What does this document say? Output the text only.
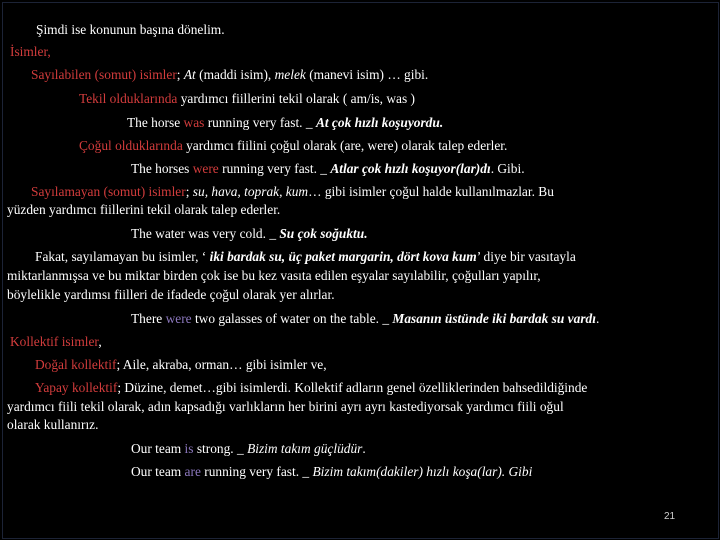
Şimdi ise konunun başına dönelim.
İsimler,
Sayılabilen (somut) isimler; At (maddi isim), melek (manevi isim) … gibi.
Tekil olduklarında yardımcı fiillerini tekil olarak ( am/is, was )
The horse was running very fast. _ At çok hızlı koşuyordu.
Çoğul olduklarında yardımcı fiilini çoğul olarak (are, were) olarak talep ederler.
The horses were running very fast. _ Atlar çok hızlı koşuyor(lar)dı. Gibi.
Sayılamayan (somut) isimler; su, hava, toprak, kum… gibi isimler çoğul halde kullanılmazlar. Bu
yüzden yardımcı fiillerini tekil olarak talep ederler.
The water was very cold. _ Su çok soğuktu.
Fakat, sayılamayan bu isimler, ‘ iki bardak su, üç paket margarin, dört kova kum’ diye bir vasıtayla
miktarlanmışsa ve bu miktar birden çok ise bu kez vasıta edilen eşyalar sayılabilir, çoğulları yapılır,
böylelikle yardımsı fiilleri de ifadede çoğul olarak yer alırlar.
There were two galasses of water on the table. _ Masanın üstünde iki bardak su vardı.
Kollektif isimler,
Doğal kollektif; Aile, akraba, orman… gibi isimler ve,
Yapay kollektif; Düzine, demet…gibi isimlerdi. Kollektif adların genel özelliklerinden bahsedildiğinde
yardımcı fiili tekil olarak, adın kapsadığı varlıkların her birini ayrı ayrı kastediyorsak yardımcı fiili oğul
olarak kullanırız.
Our team is strong. _ Bizim takım güçlüdür.
Our team are running very fast. _ Bizim takım(dakiler) hızlı koşa(lar). Gibi
21
